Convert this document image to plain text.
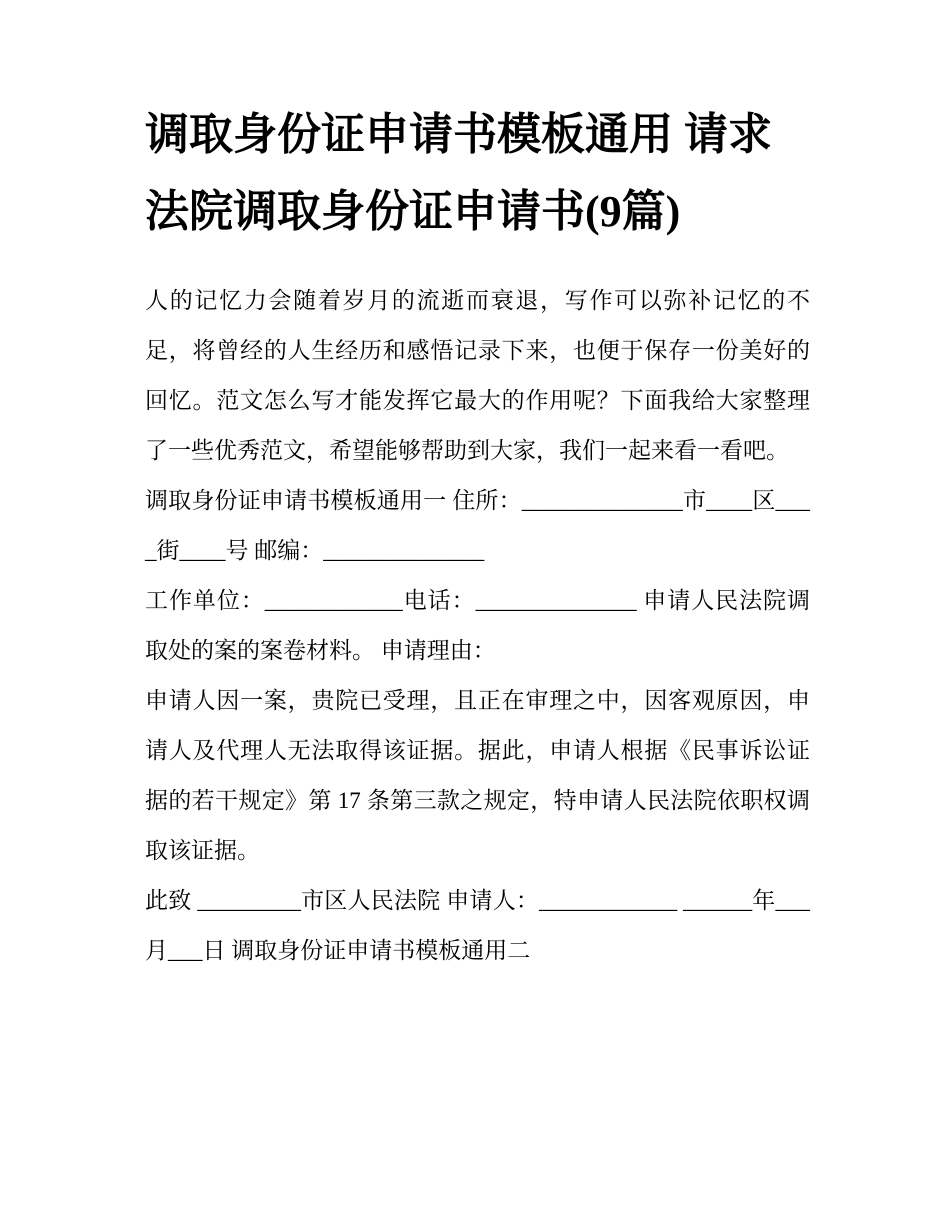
调取身份证申请书模板通用 请求法院调取身份证申请书(9篇)

人的记忆力会随着岁月的流逝而衰退，写作可以弥补记忆的不足，将曾经的人生经历和感悟记录下来，也便于保存一份美好的回忆。范文怎么写才能发挥它最大的作用呢？下面我给大家整理了一些优秀范文，希望能够帮助到大家，我们一起来看一看吧。

调取身份证申请书模板通用一 住所：______________市____区____街____号 邮编：______________

工作单位：____________电话：______________ 申请人民法院调取处的案的案卷材料。 申请理由：

申请人因一案，贵院已受理，且正在审理之中，因客观原因，申请人及代理人无法取得该证据。据此，申请人根据《民事诉讼证据的若干规定》第 17 条第三款之规定，特申请人民法院依职权调取该证据。

此致 _________市区人民法院 申请人：____________ ______年___月___日 调取身份证申请书模板通用二
